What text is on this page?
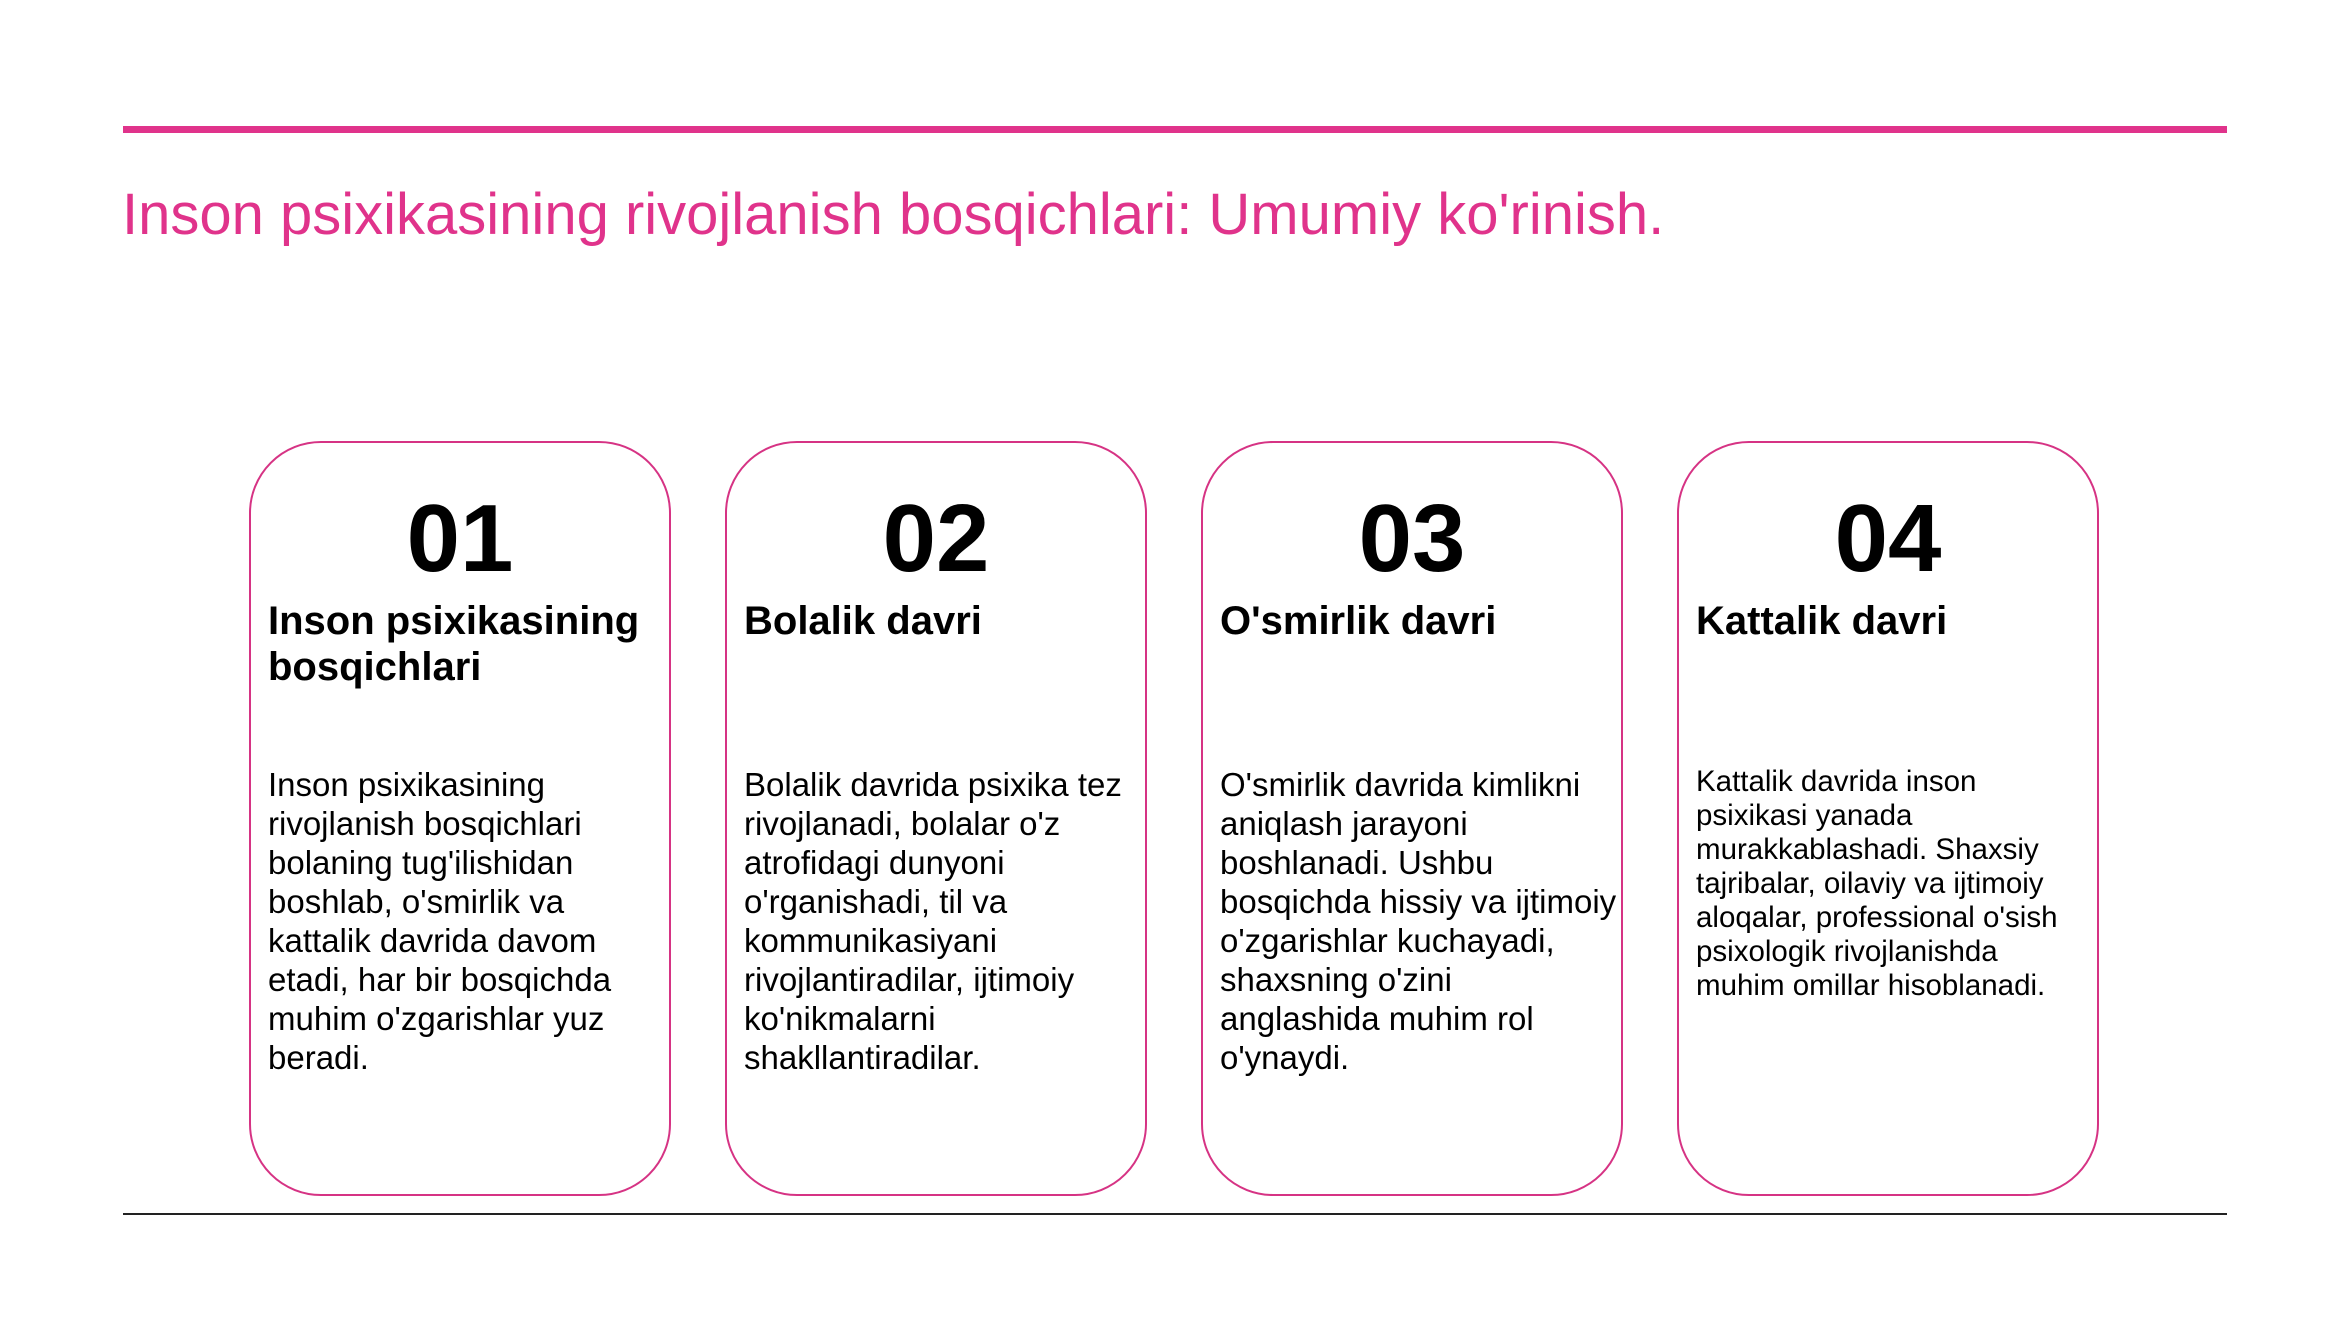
Inson psixikasining rivojlanish bosqichlari: Umumiy ko'rinish.
01
Inson psixikasining bosqichlari
Inson psixikasining rivojlanish bosqichlari bolaning tug'ilishidan boshlab, o'smirlik va kattalik davrida davom etadi, har bir bosqichda muhim o'zgarishlar yuz beradi.
02
Bolalik davri
Bolalik davrida psixika tez rivojlanadi, bolalar o'z atrofidagi dunyoni o'rganishadi, til va kommunikasiyani rivojlantiradilar, ijtimoiy ko'nikmalarni shakllantiradilar.
03
O'smirlik davri
O'smirlik davrida kimlikni aniqlash jarayoni boshlanadi. Ushbu bosqichda hissiy va ijtimoiy o'zgarishlar kuchayadi, shaxsning o'zini anglashida muhim rol o'ynaydi.
04
Kattalik davri
Kattalik davrida inson psixikasi yanada murakkablashadi. Shaxsiy tajribalar, oilaviy va ijtimoiy aloqalar, professional o'sish psixologik rivojlanishda muhim omillar hisoblanadi.
